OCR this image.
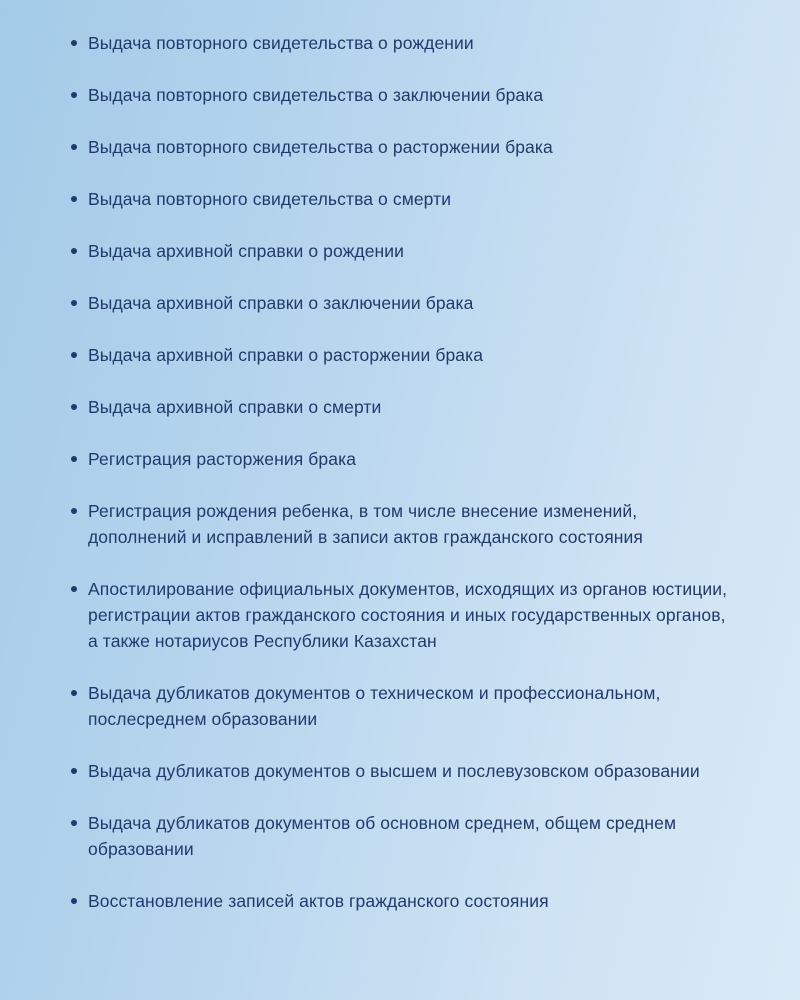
Выдача повторного свидетельства о рождении
Выдача повторного свидетельства о заключении брака
Выдача повторного свидетельства о расторжении брака
Выдача повторного свидетельства о смерти
Выдача архивной справки о рождении
Выдача архивной справки о заключении брака
Выдача архивной справки о расторжении брака
Выдача архивной справки о смерти
Регистрация расторжения брака
Регистрация рождения ребенка, в том числе внесение изменений, дополнений и исправлений в записи актов гражданского состояния
Апостилирование официальных документов, исходящих из органов юстиции, регистрации актов гражданского состояния и иных государственных органов, а также нотариусов Республики Казахстан
Выдача дубликатов документов о техническом и профессиональном, послесреднем образовании
Выдача дубликатов документов о высшем и послевузовском образовании
Выдача дубликатов документов об основном среднем, общем среднем образовании
Восстановление записей актов гражданского состояния
